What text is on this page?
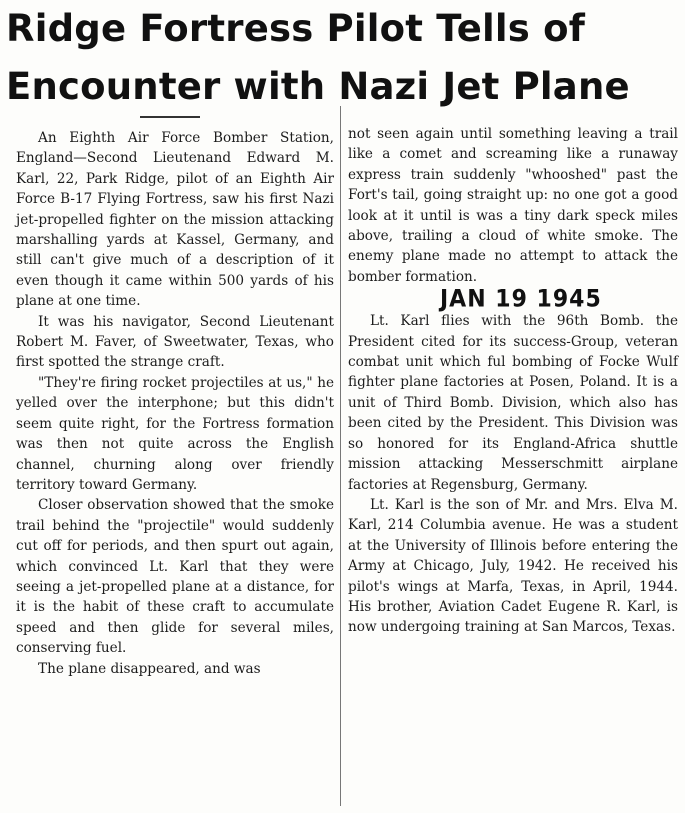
Ridge Fortress Pilot Tells of Encounter with Nazi Jet Plane

An Eighth Air Force Bomber Station, England—Second Lieutenand Edward M. Karl, 22, Park Ridge, pilot of an Eighth Air Force B-17 Flying Fortress, saw his first Nazi jet-propelled fighter on the mission attacking marshalling yards at Kassel, Germany, and still can't give much of a description of it even though it came within 500 yards of his plane at one time.

It was his navigator, Second Lieutenant Robert M. Faver, of Sweetwater, Texas, who first spotted the strange craft.

"They're firing rocket projectiles at us," he yelled over the interphone; but this didn't seem quite right, for the Fortress formation was then not quite across the English channel, churning along over friendly territory toward Germany.

Closer observation showed that the smoke trail behind the "projectile" would suddenly cut off for periods, and then spurt out again, which convinced Lt. Karl that they were seeing a jet-propelled plane at a distance, for it is the habit of these craft to accumulate speed and then glide for several miles, conserving fuel.

The plane disappeared, and was

not seen again until something leaving a trail like a comet and screaming like a runaway express train suddenly "whooshed" past the Fort's tail, going straight up: no one got a good look at it until is was a tiny dark speck miles above, trailing a cloud of white smoke. The enemy plane made no attempt to attack the bomber formation.

JAN 19 1945

Lt. Karl flies with the 96th Bomb. the President cited for its success-Group, veteran combat unit which ful bombing of Focke Wulf fighter plane factories at Posen, Poland. It is a unit of Third Bomb. Division, which also has been cited by the President. This Division was so honored for its England-Africa shuttle mission attacking Messerschmitt airplane factories at Regensburg, Germany.

Lt. Karl is the son of Mr. and Mrs. Elva M. Karl, 214 Columbia avenue. He was a student at the University of Illinois before entering the Army at Chicago, July, 1942. He received his pilot's wings at Marfa, Texas, in April, 1944. His brother, Aviation Cadet Eugene R. Karl, is now undergoing training at San Marcos, Texas.
